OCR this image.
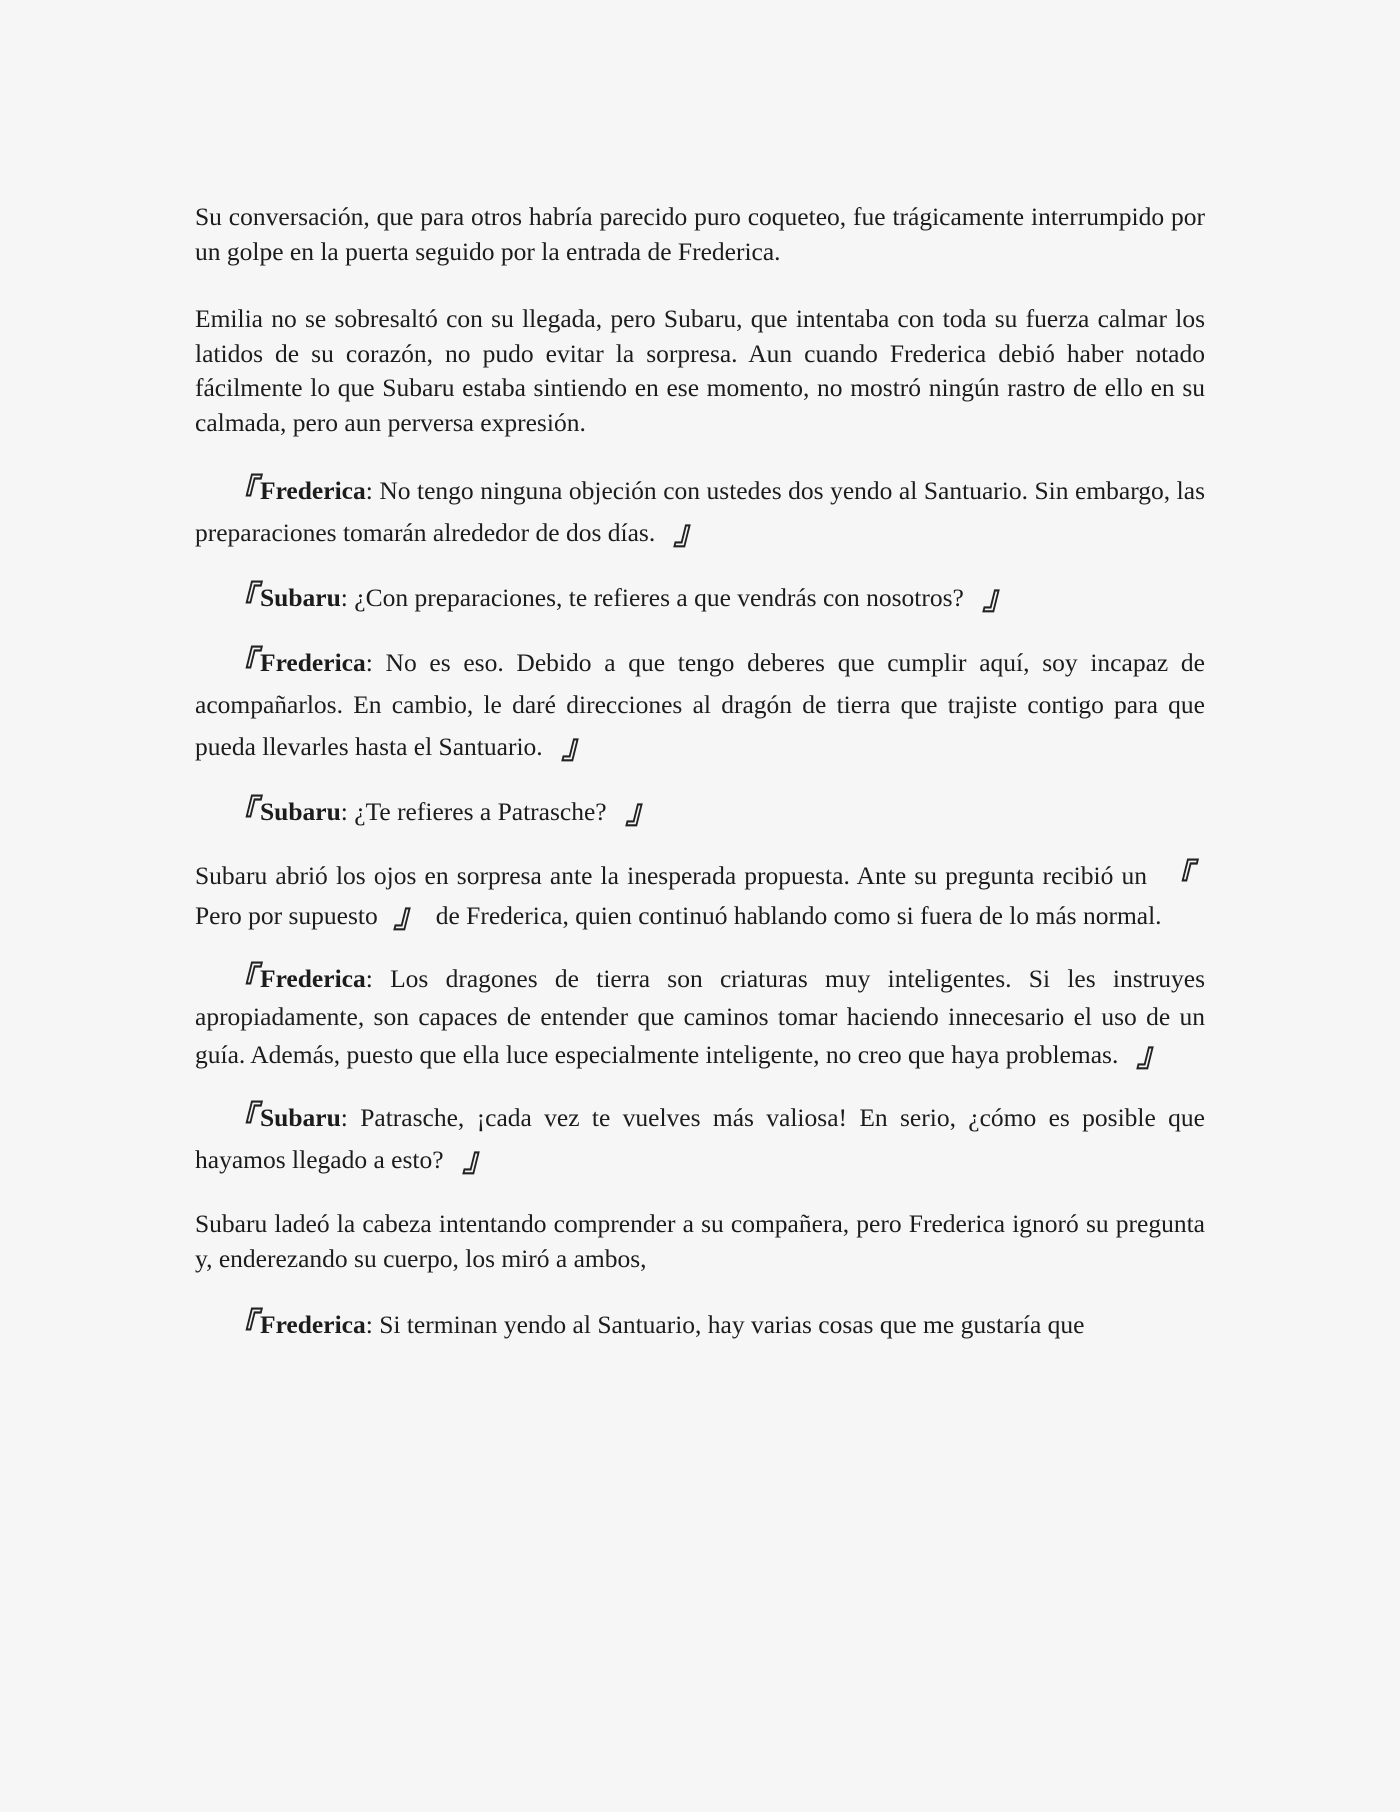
Su conversación, que para otros habría parecido puro coqueteo, fue trágicamente interrumpido por un golpe en la puerta seguido por la entrada de Frederica.

Emilia no se sobresaltó con su llegada, pero Subaru, que intentaba con toda su fuerza calmar los latidos de su corazón, no pudo evitar la sorpresa. Aun cuando Frederica debió haber notado fácilmente lo que Subaru estaba sintiendo en ese momento, no mostró ningún rastro de ello en su calmada, pero aun perversa expresión.

『Frederica: No tengo ninguna objeción con ustedes dos yendo al Santuario. Sin embargo, las preparaciones tomarán alrededor de dos días. 』

『Subaru: ¿Con preparaciones, te refieres a que vendrás con nosotros? 』

『Frederica: No es eso. Debido a que tengo deberes que cumplir aquí, soy incapaz de acompañarlos. En cambio, le daré direcciones al dragón de tierra que trajiste contigo para que pueda llevarles hasta el Santuario. 』

『Subaru: ¿Te refieres a Patrasche? 』

Subaru abrió los ojos en sorpresa ante la inesperada propuesta. Ante su pregunta recibió un 『Pero por supuesto 』 de Frederica, quien continuó hablando como si fuera de lo más normal.

『Frederica: Los dragones de tierra son criaturas muy inteligentes. Si les instruyes apropiadamente, son capaces de entender que caminos tomar haciendo innecesario el uso de un guía. Además, puesto que ella luce especialmente inteligente, no creo que haya problemas. 』

『Subaru: Patrasche, ¡cada vez te vuelves más valiosa! En serio, ¿cómo es posible que hayamos llegado a esto? 』

Subaru ladeó la cabeza intentando comprender a su compañera, pero Frederica ignoró su pregunta y, enderezando su cuerpo, los miró a ambos,

『Frederica: Si terminan yendo al Santuario, hay varias cosas que me gustaría que
